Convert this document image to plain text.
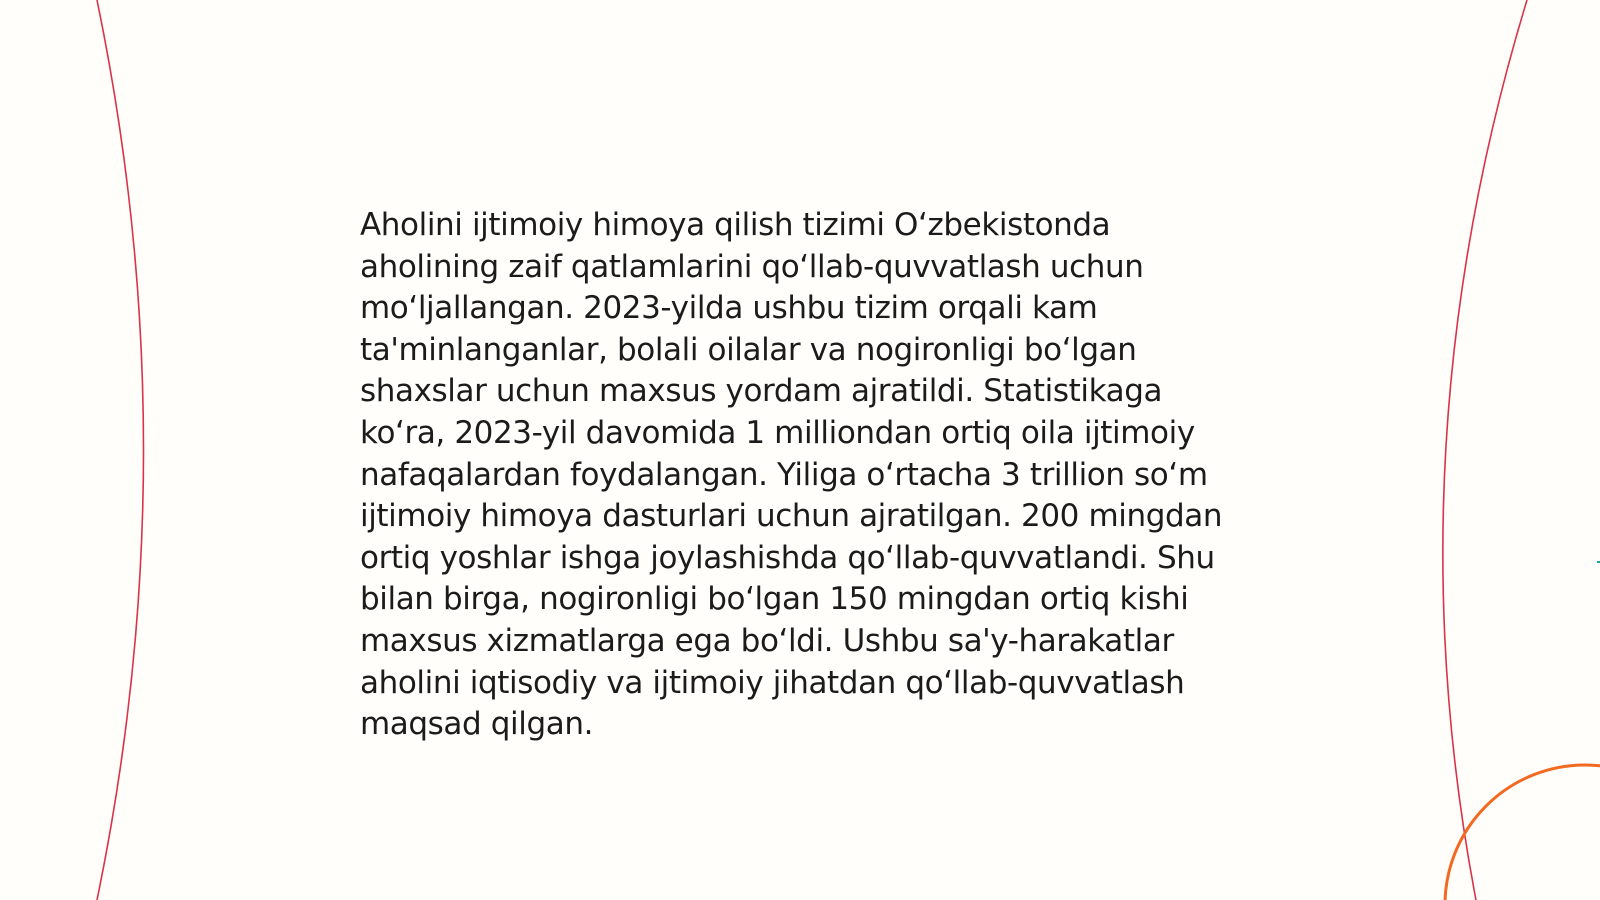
Aholini ijtimoiy himoya qilish tizimi O‘zbekistonda aholining zaif qatlamlarini qo‘llab-quvvatlash uchun mo‘ljallangan. 2023-yilda ushbu tizim orqali kam ta'minlanganlar, bolali oilalar va nogironligi bo‘lgan shaxslar uchun maxsus yordam ajratildi. Statistikaga ko‘ra, 2023-yil davomida 1 milliondan ortiq oila ijtimoiy nafaqalardan foydalangan. Yiliga o‘rtacha 3 trillion so‘m ijtimoiy himoya dasturlari uchun ajratilgan. 200 mingdan ortiq yoshlar ishga joylashishda qo‘llab-quvvatlandi. Shu bilan birga, nogironligi bo‘lgan 150 mingdan ortiq kishi maxsus xizmatlarga ega bo‘ldi. Ushbu sa'y-harakatlar aholini iqtisodiy va ijtimoiy jihatdan qo‘llab-quvvatlash maqsad qilgan.
